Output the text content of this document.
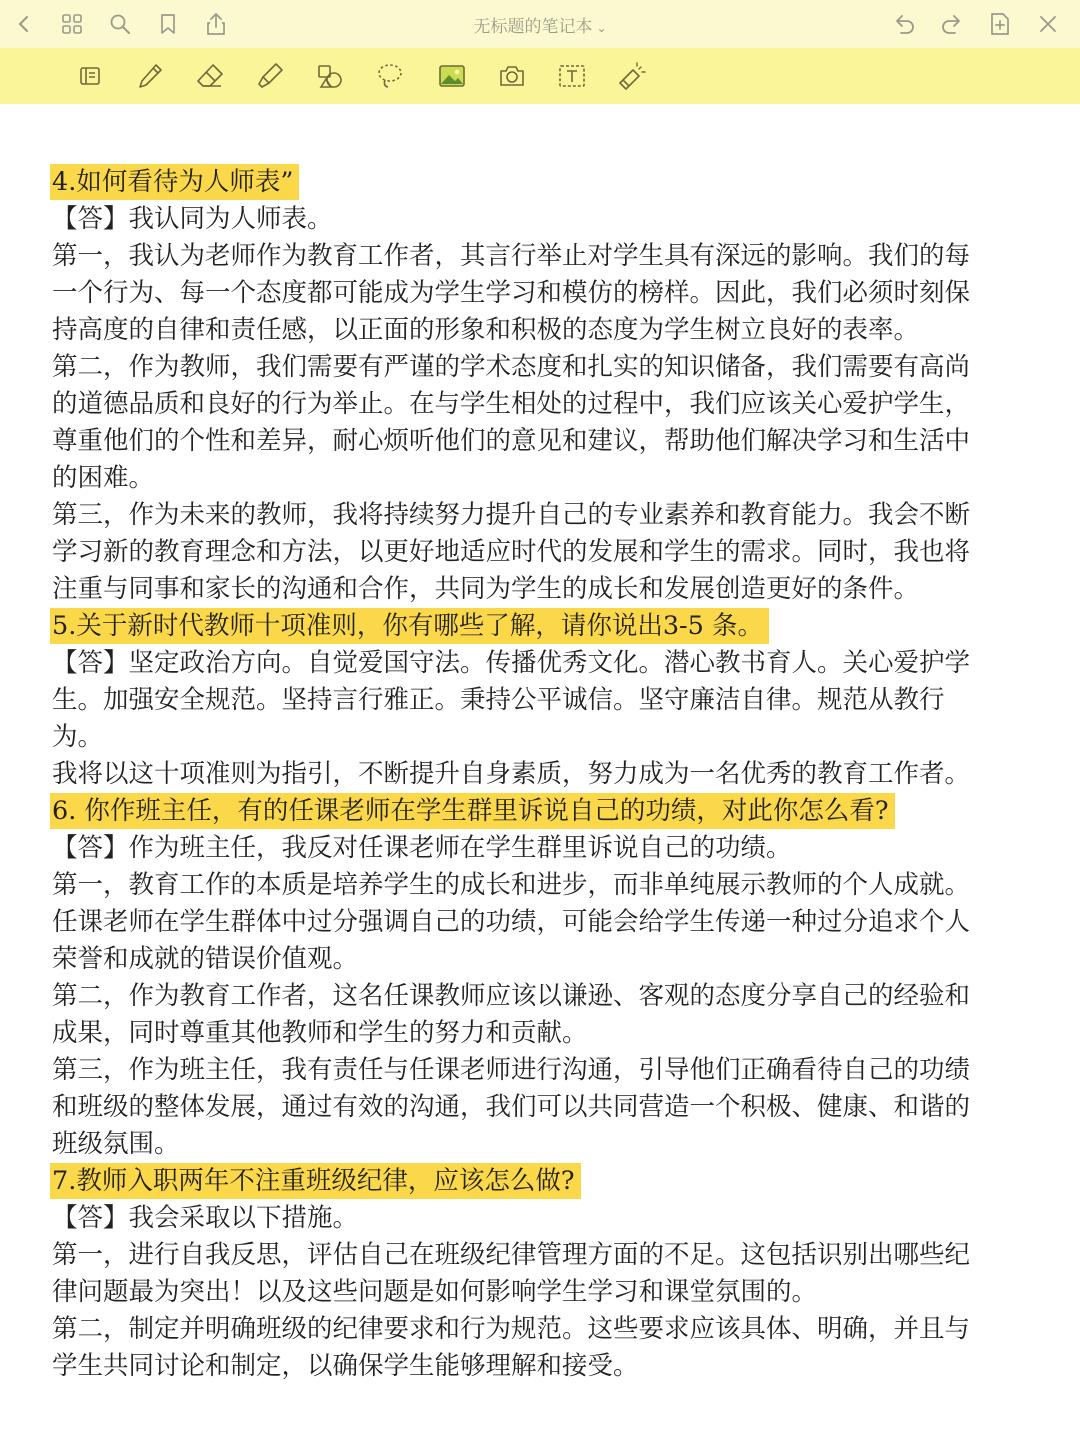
无标题的笔记本 ⌄
4.如何看待为人师表”
【答】我认同为人师表。
第一，我认为老师作为教育工作者，其言行举止对学生具有深远的影响。我们的每
一个行为、每一个态度都可能成为学生学习和模仿的榜样。因此，我们必须时刻保
持高度的自律和责任感，以正面的形象和积极的态度为学生树立良好的表率。
第二，作为教师，我们需要有严谨的学术态度和扎实的知识储备，我们需要有高尚
的道德品质和良好的行为举止。在与学生相处的过程中，我们应该关心爱护学生，
尊重他们的个性和差异，耐心烦听他们的意见和建议，帮助他们解决学习和生活中
的困难。
第三，作为未来的教师，我将持续努力提升自己的专业素养和教育能力。我会不断
学习新的教育理念和方法，以更好地适应时代的发展和学生的需求。同时，我也将
注重与同事和家长的沟通和合作，共同为学生的成长和发展创造更好的条件。
5.关于新时代教师十项准则，你有哪些了解，请你说出3-5 条。
【答】坚定政治方向。自觉爱国守法。传播优秀文化。潜心教书育人。关心爱护学
生。加强安全规范。坚持言行雅正。秉持公平诚信。坚守廉洁自律。规范从教行
为。
我将以这十项准则为指引，不断提升自身素质，努力成为一名优秀的教育工作者。
6. 你作班主任，有的任课老师在学生群里诉说自己的功绩，对此你怎么看?
【答】作为班主任，我反对任课老师在学生群里诉说自己的功绩。
第一，教育工作的本质是培养学生的成长和进步，而非单纯展示教师的个人成就。
任课老师在学生群体中过分强调自己的功绩，可能会给学生传递一种过分追求个人
荣誉和成就的错误价值观。
第二，作为教育工作者，这名任课教师应该以谦逊、客观的态度分享自己的经验和
成果，同时尊重其他教师和学生的努力和贡献。
第三，作为班主任，我有责任与任课老师进行沟通，引导他们正确看待自己的功绩
和班级的整体发展，通过有效的沟通，我们可以共同营造一个积极、健康、和谐的
班级氛围。
7.教师入职两年不注重班级纪律，应该怎么做?
【答】我会采取以下措施。
第一，进行自我反思，评估自己在班级纪律管理方面的不足。这包括识别出哪些纪
律问题最为突出！以及这些问题是如何影响学生学习和课堂氛围的。
第二，制定并明确班级的纪律要求和行为规范。这些要求应该具体、明确，并且与
学生共同讨论和制定，以确保学生能够理解和接受。
